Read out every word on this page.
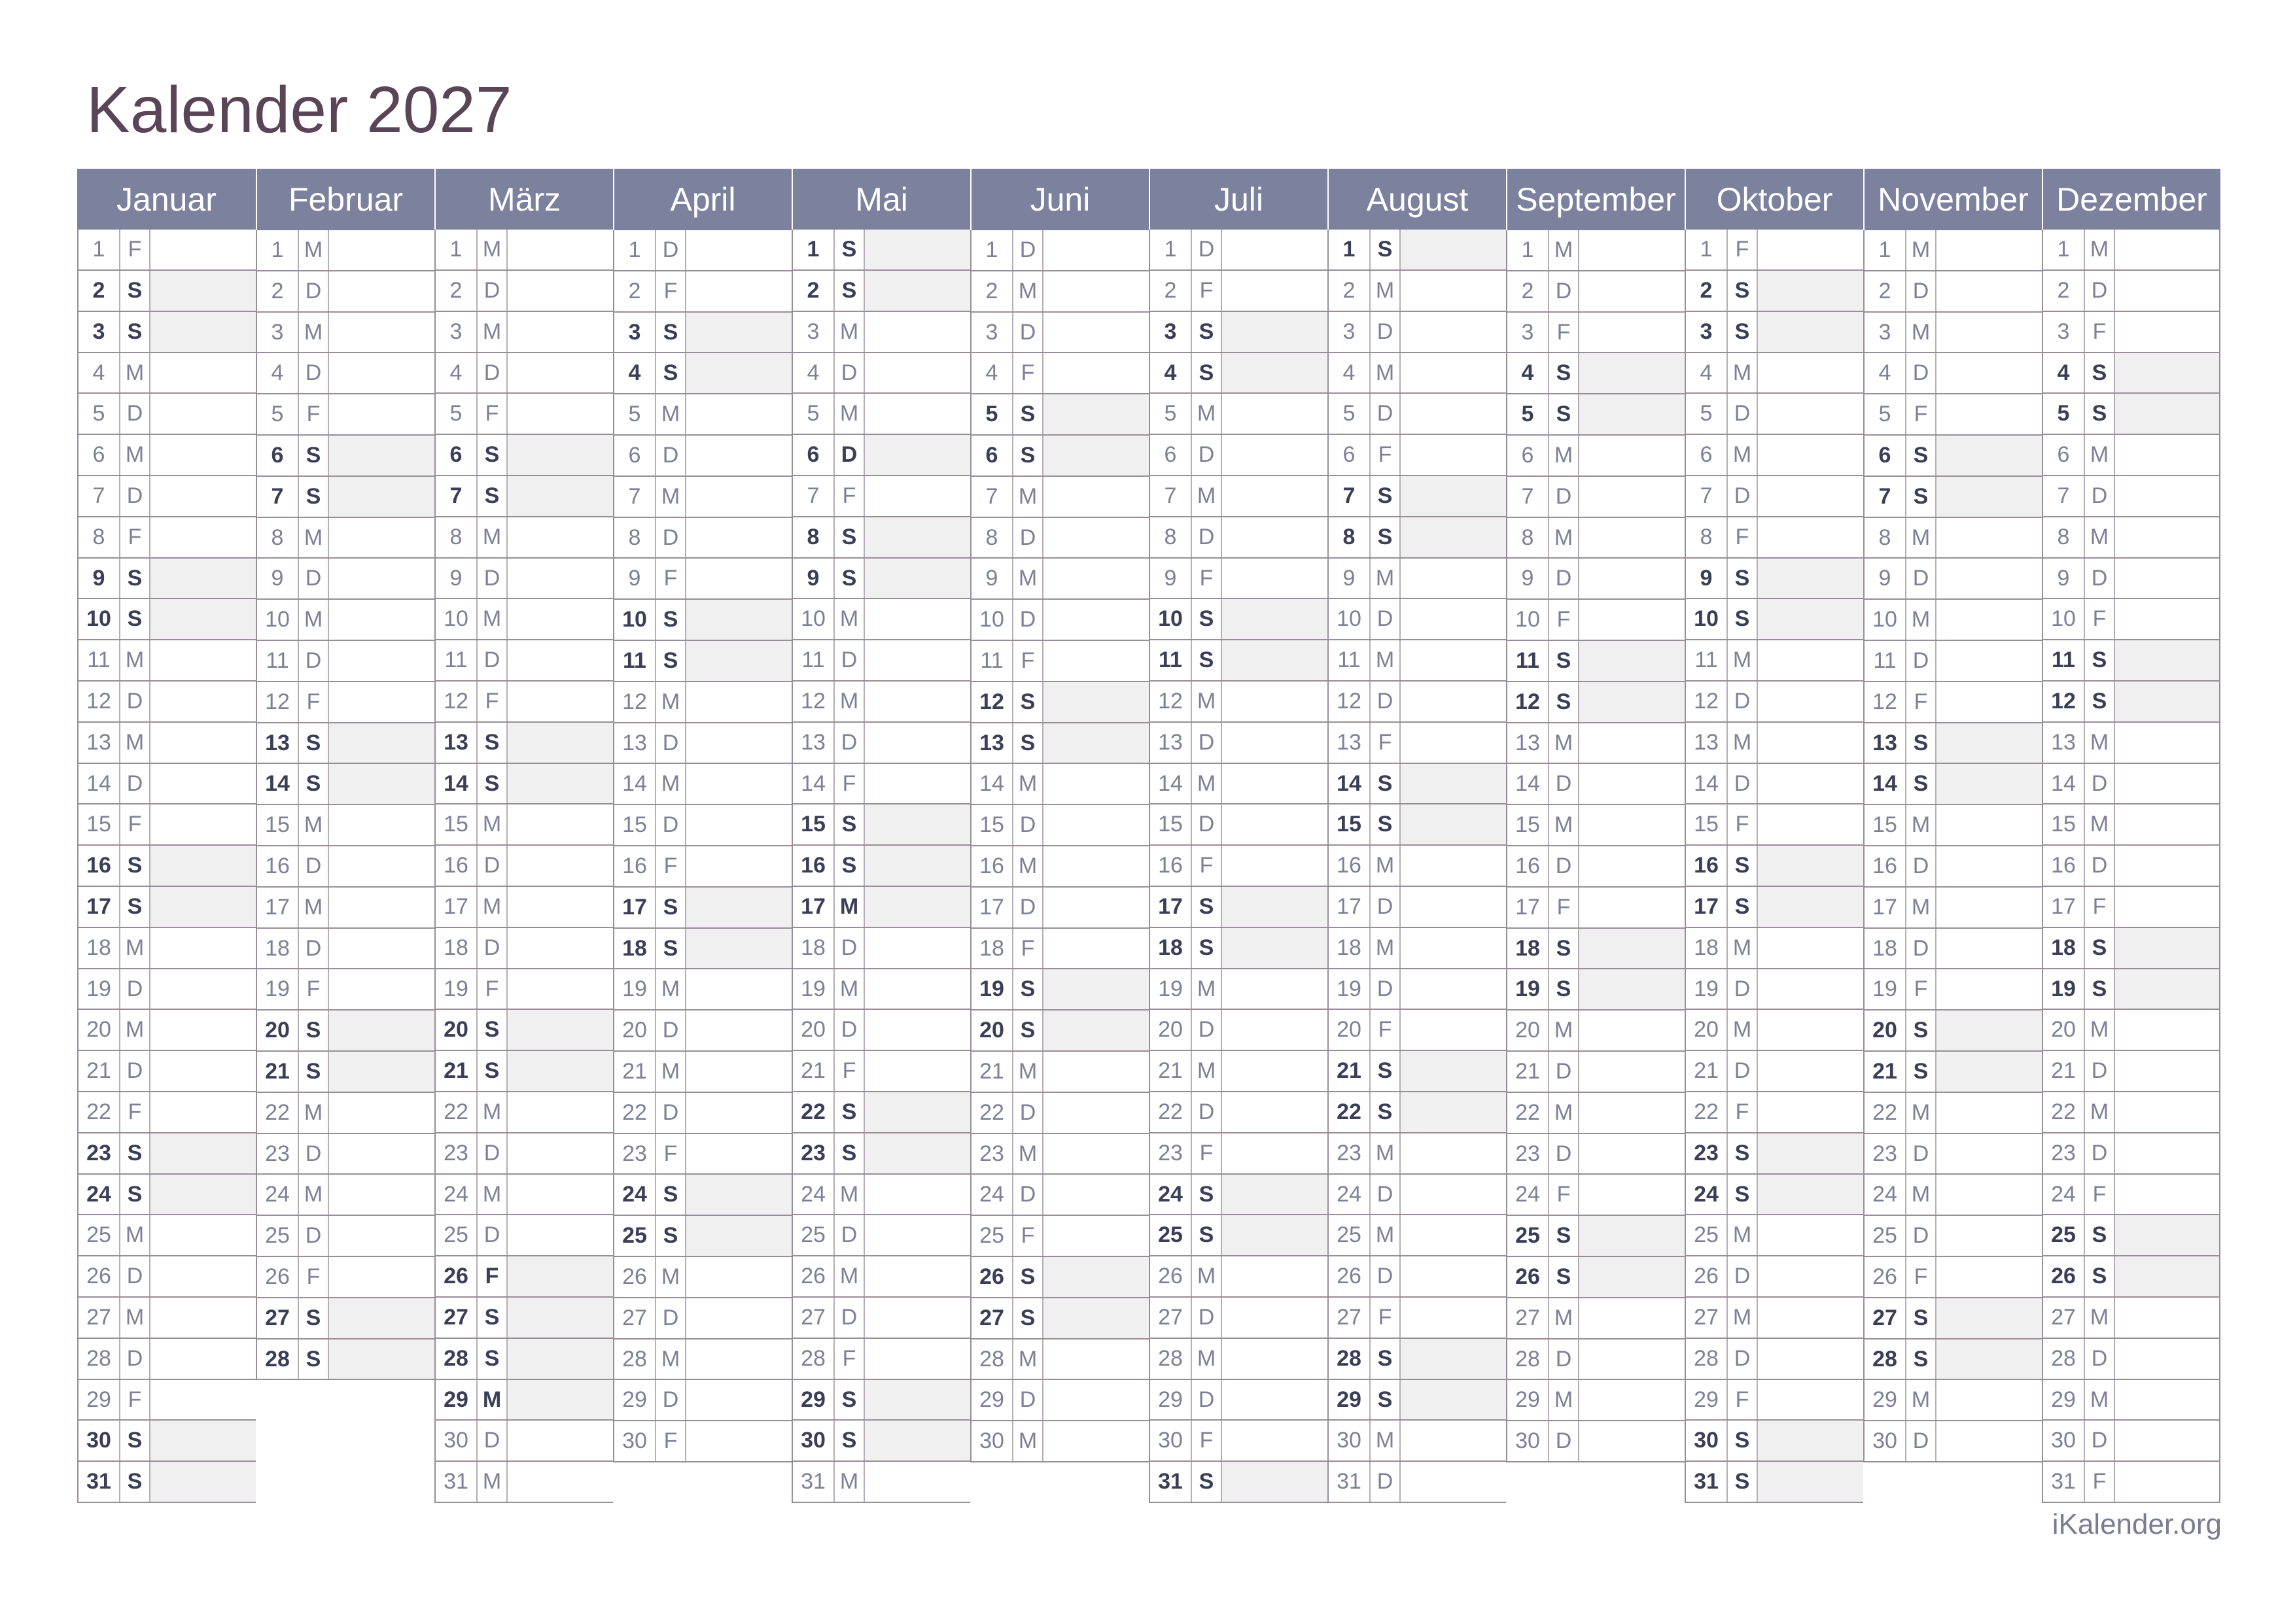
Kalender 2027
Januar
1	F
2	S
3	S
4 M
5 D
6 M
7 D
8	F
9	S
10 S
11 M
12 D
13 M
14 D
15 F
16 S
17 S
18 M
19 D
20 M
21 D
22 F
23 S
24 S
25 M
26 D
27 M
28 D
29 F
30 S
31 S
Februar
1 M
2 D
3 M
4 D
5	F
6	S
7	S
8 M
9 D
10 M
11 D
12 F
13 S
14 S
15 M
16 D
17 M
18 D
19 F
20 S
21 S
22 M
23 D
24 M
25 D
26 F
27 S
28 S
März
1 M
2 D
3 M
4 D
5	F
6	S
7	S
8 M
9 D
10 M
11 D
12 F
13 S
14 S
15 M
16 D
17 M
18 D
19 F
20 S
21 S
22 M
23 D
24 M
25 D
26 F
27 S
28 S
29 M
30 D
31 M
April
1 D
2	F
3	S
4	S
5 M
6 D
7 M
8 D
9	F
10 S
11 S
12 M
13 D
14 M
15 D
16 F
17 S
18 S
19 M
20 D
21 M
22 D
23 F
24 S
25 S
26 M
27 D
28 M
29 D
30 F
Mai
1	S
2	S
3 M
4 D
5 M
6 D
7	F
8	S
9	S
10 M
11 D
12 M
13 D
14 F
15 S
16 S
17 M
18 D
19 M
20 D
21 F
22 S
23 S
24 M
25 D
26 M
27 D
28 F
29 S
30 S
31 M
Juni
1 D
2 M
3 D
4	F
5	S
6	S
7 M
8 D
9 M
10 D
11 F
12 S
13 S
14 M
15 D
16 M
17 D
18 F
19 S
20 S
21 M
22 D
23 M
24 D
25 F
26 S
27 S
28 M
29 D
30 M
Juli
1 D
2	F
3	S
4	S
5 M
6 D
7 M
8 D
9	F
10 S
11 S
12 M
13 D
14 M
15 D
16 F
17 S
18 S
19 M
20 D
21 M
22 D
23 F
24 S
25 S
26 M
27 D
28 M
29 D
30 F
31 S
August
1	S
2 M
3 D
4 M
5 D
6	F
7	S
8	S
9 M
10 D
11 M
12 D
13 F
14 S
15 S
16 M
17 D
18 M
19 D
20 F
21 S
22 S
23 M
24 D
25 M
26 D
27 F
28 S
29 S
30 M
31 D
September
1 M
2 D
3	F
4	S
5	S
6 M
7 D
8 M
9 D
10 F
11 S
12 S
13 M
14 D
15 M
16 D
17 F
18 S
19 S
20 M
21 D
22 M
23 D
24 F
25 S
26 S
27 M
28 D
29 M
30 D
Oktober
1	F
2	S
3	S
4 M
5 D
6 M
7 D
8	F
9	S
10 S
11 M
12 D
13 M
14 D
15 F
16 S
17 S
18 M
19 D
20 M
21 D
22 F
23 S
24 S
25 M
26 D
27 M
28 D
29 F
30 S
31 S
November
1 M
2 D
3 M
4 D
5	F
6	S
7	S
8 M
9 D
10 M
11 D
12 F
13 S
14 S
15 M
16 D
17 M
18 D
19 F
20 S
21 S
22 M
23 D
24 M
25 D
26 F
27 S
28 S
29 M
30 D
Dezember
1 M
2 D
3	F
4	S
5	S
6 M
7 D
8 M
9 D
10 F
11 S
12 S
13 M
14 D
15 M
16 D
17 F
18 S
19 S
20 M
21 D
22 M
23 D
24 F
25 S
26 S
27 M
28 D
29 M
30 D
31 F
iKalender.org
